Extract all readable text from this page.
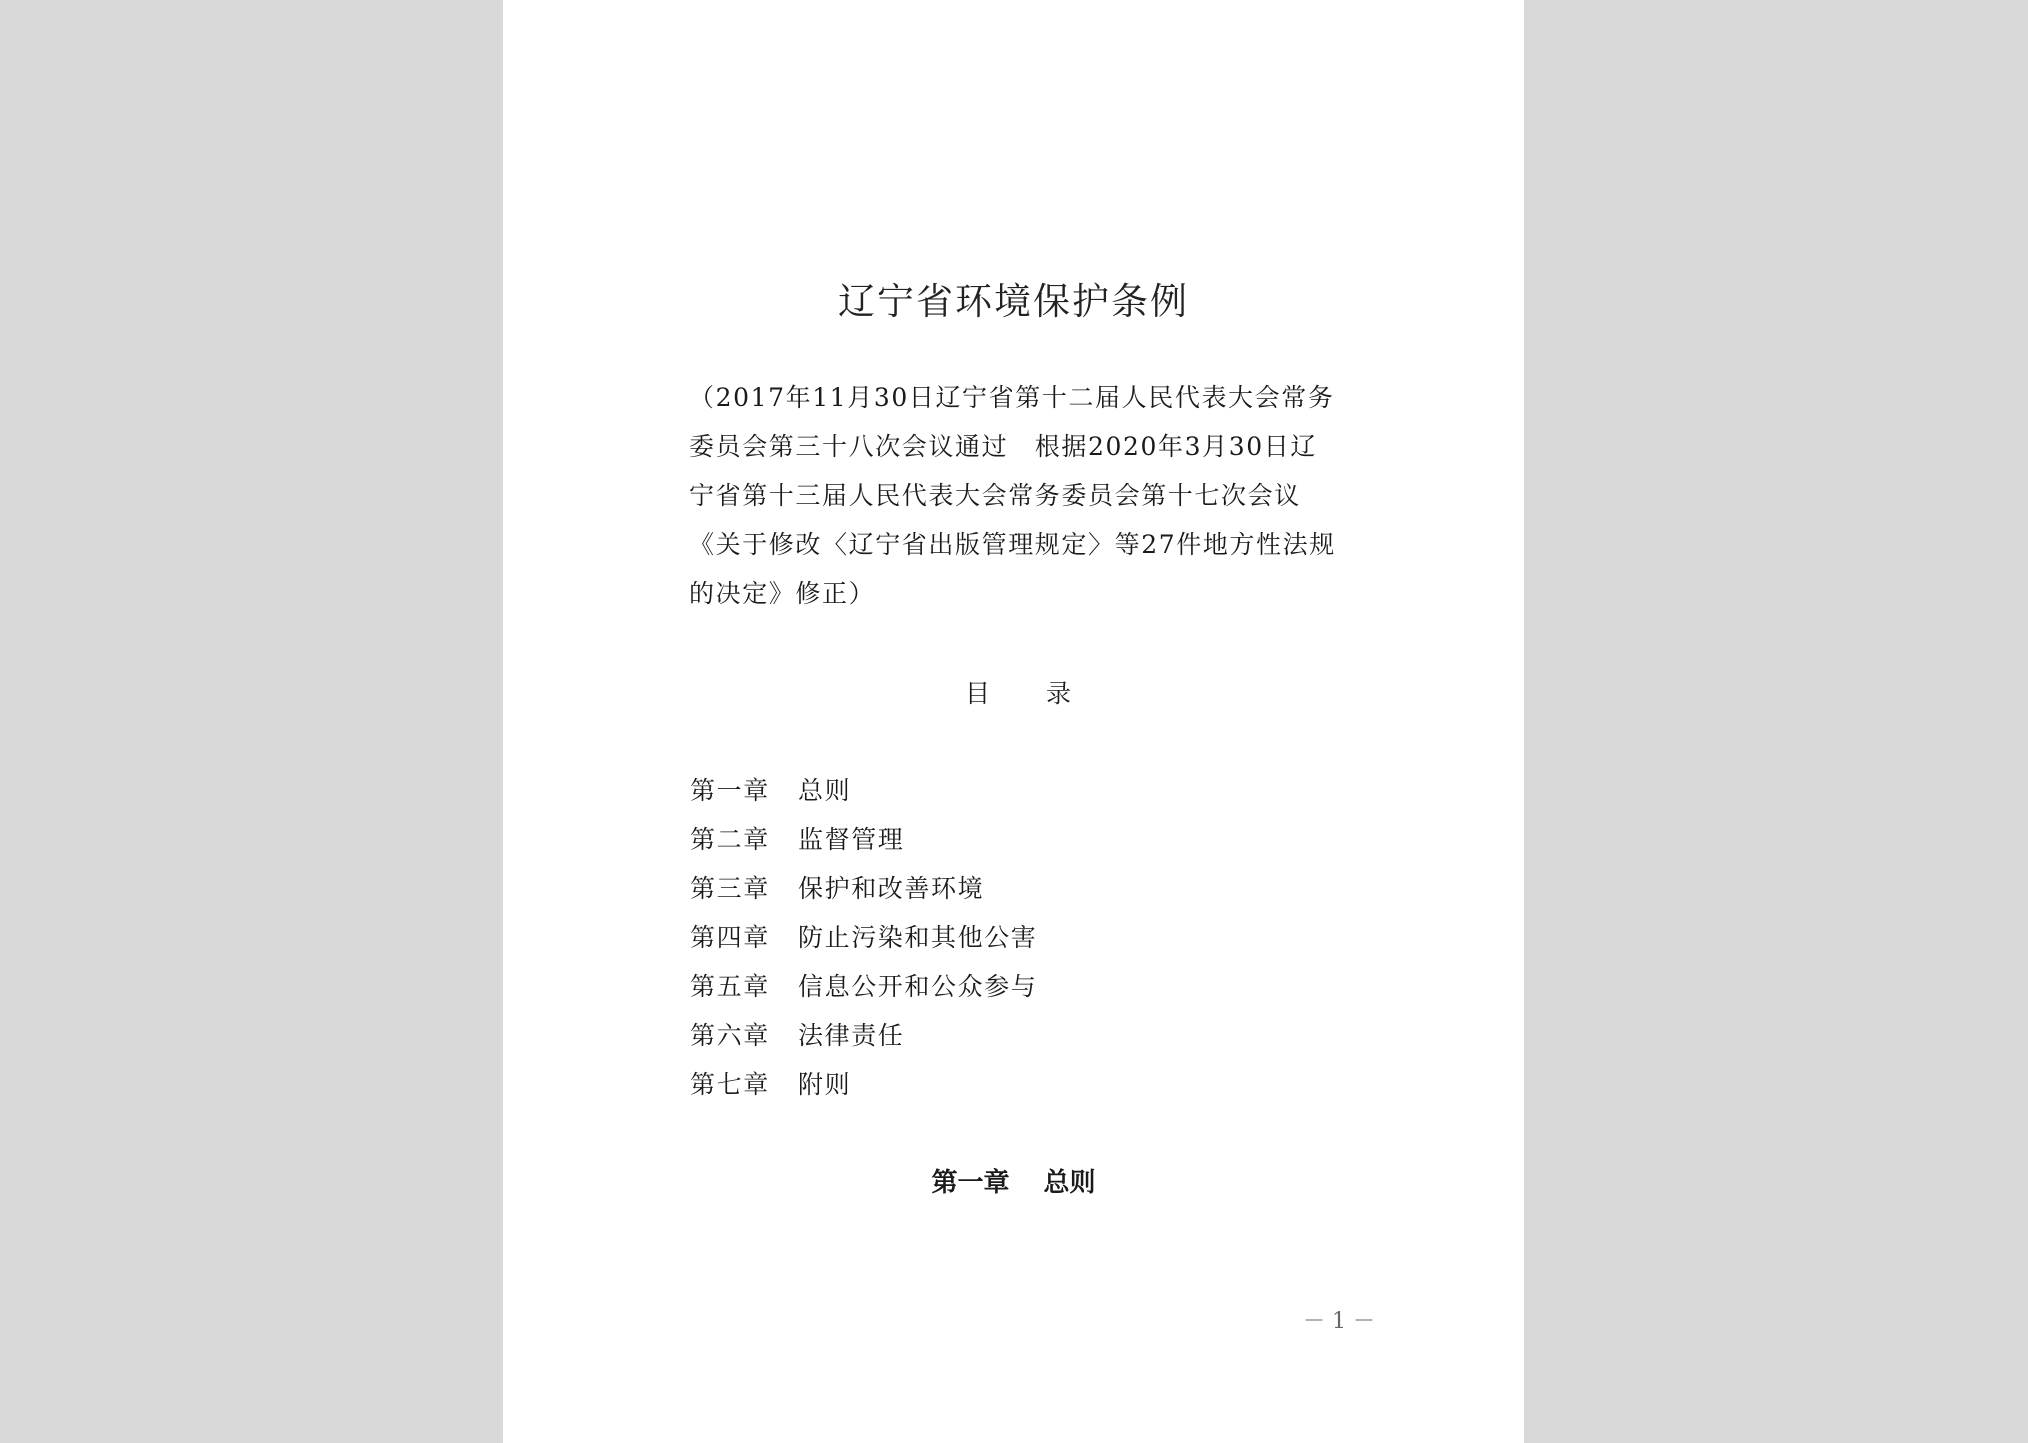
辽宁省环境保护条例
（2017年11月30日辽宁省第十二届人民代表大会常务
委员会第三十八次会议通过　根据2020年3月30日辽
宁省第十三届人民代表大会常务委员会第十七次会议
《关于修改〈辽宁省出版管理规定〉等27件地方性法规
的决定》修正）
目 录
第一章 总则
第二章 监督管理
第三章 保护和改善环境
第四章 防止污染和其他公害
第五章 信息公开和公众参与
第六章 法律责任
第七章 附则
第一章 总则
－ 1 －
